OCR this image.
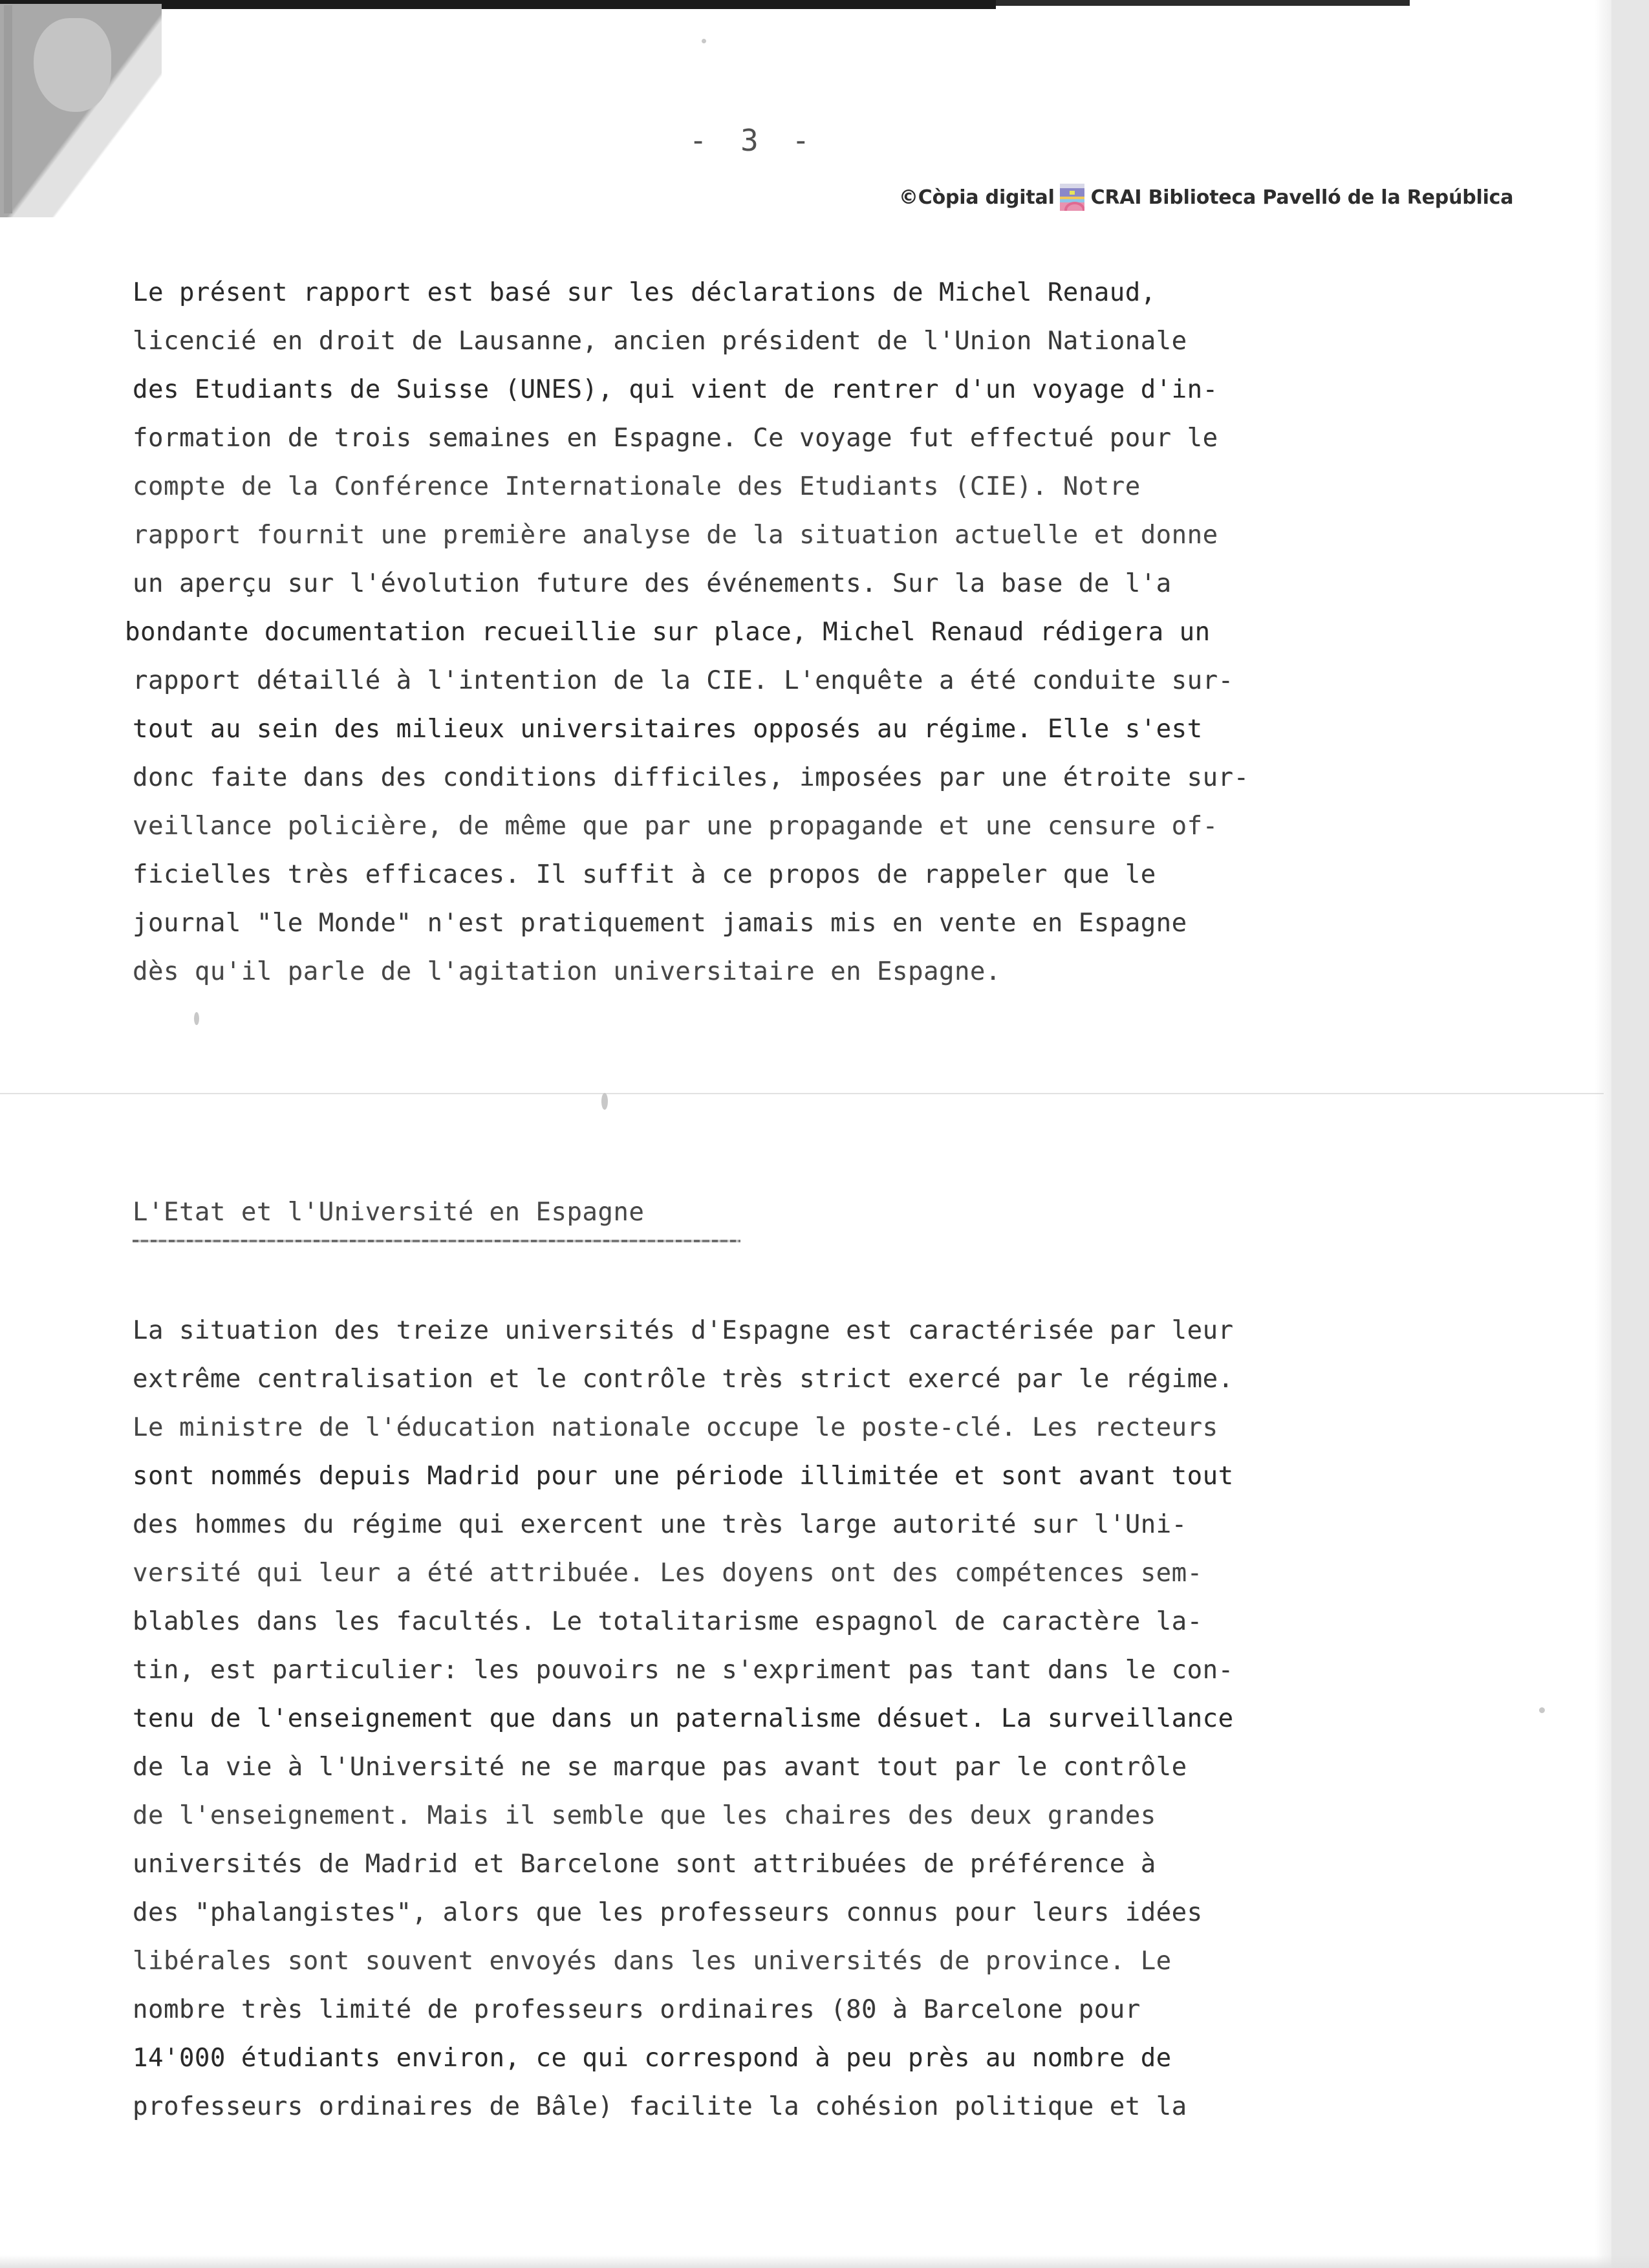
- 3 -
©Còpia digital CRAI Biblioteca Pavelló de la República
Le présent rapport est basé sur les déclarations de Michel Renaud,
licencié en droit de Lausanne, ancien président de l'Union Nationale
des Etudiants de Suisse (UNES), qui vient de rentrer d'un voyage d'in-
formation de trois semaines en Espagne. Ce voyage fut effectué pour le
compte de la Conférence Internationale des Etudiants (CIE). Notre
rapport fournit une première analyse de la situation actuelle et donne
un aperçu sur l'évolution future des événements. Sur la base de l'a
bondante documentation recueillie sur place, Michel Renaud rédigera un
rapport détaillé à l'intention de la CIE. L'enquête a été conduite sur-
tout au sein des milieux universitaires opposés au régime. Elle s'est
donc faite dans des conditions difficiles, imposées par une étroite sur-
veillance policière, de même que par une propagande et une censure of-
ficielles très efficaces. Il suffit à ce propos de rappeler que le
journal "le Monde" n'est pratiquement jamais mis en vente en Espagne
dès qu'il parle de l'agitation universitaire en Espagne.
L'Etat et l'Université en Espagne
La situation des treize universités d'Espagne est caractérisée par leur
extrême centralisation et le contrôle très strict exercé par le régime.
Le ministre de l'éducation nationale occupe le poste-clé. Les recteurs
sont nommés depuis Madrid pour une période illimitée et sont avant tout
des hommes du régime qui exercent une très large autorité sur l'Uni-
versité qui leur a été attribuée. Les doyens ont des compétences sem-
blables dans les facultés. Le totalitarisme espagnol de caractère la-
tin, est particulier: les pouvoirs ne s'expriment pas tant dans le con-
tenu de l'enseignement que dans un paternalisme désuet. La surveillance
de la vie à l'Université ne se marque pas avant tout par le contrôle
de l'enseignement. Mais il semble que les chaires des deux grandes
universités de Madrid et Barcelone sont attribuées de préférence à
des "phalangistes", alors que les professeurs connus pour leurs idées
libérales sont souvent envoyés dans les universités de province. Le
nombre très limité de professeurs ordinaires (80 à Barcelone pour
14'000 étudiants environ, ce qui correspond à peu près au nombre de
professeurs ordinaires de Bâle) facilite la cohésion politique et la
